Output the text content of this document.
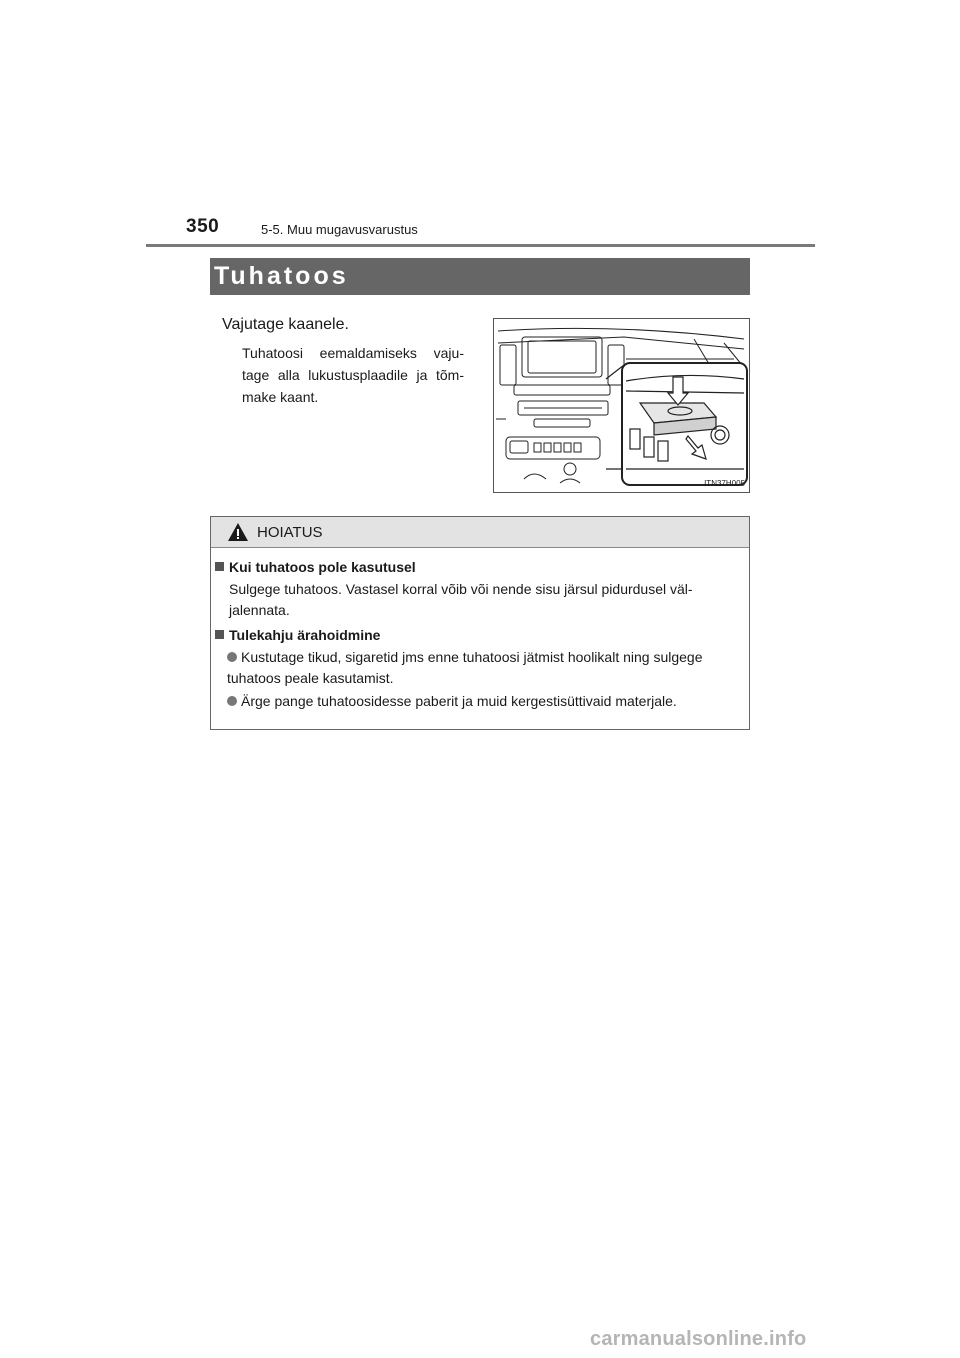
350	5-5. Muu mugavusvarustus
Tuhatoos
Vajutage kaanele.
Tuhatoosi eemaldamiseks vaju-tage alla lukustusplaadile ja tõm-make kaant.
ITN37H005
HOIATUS
Kui tuhatoos pole kasutusel
Sulgege tuhatoos. Vastasel korral võib või nende sisu järsul pidurdusel väl-jalennata.
Tulekahju ärahoidmine
Kustutage tikud, sigaretid jms enne tuhatoosi jätmist hoolikalt ning sulgege tuhatoos peale kasutamist.
Ärge pange tuhatoosidesse paberit ja muid kergestisüttivaid materjale.
carmanualsonline.info
